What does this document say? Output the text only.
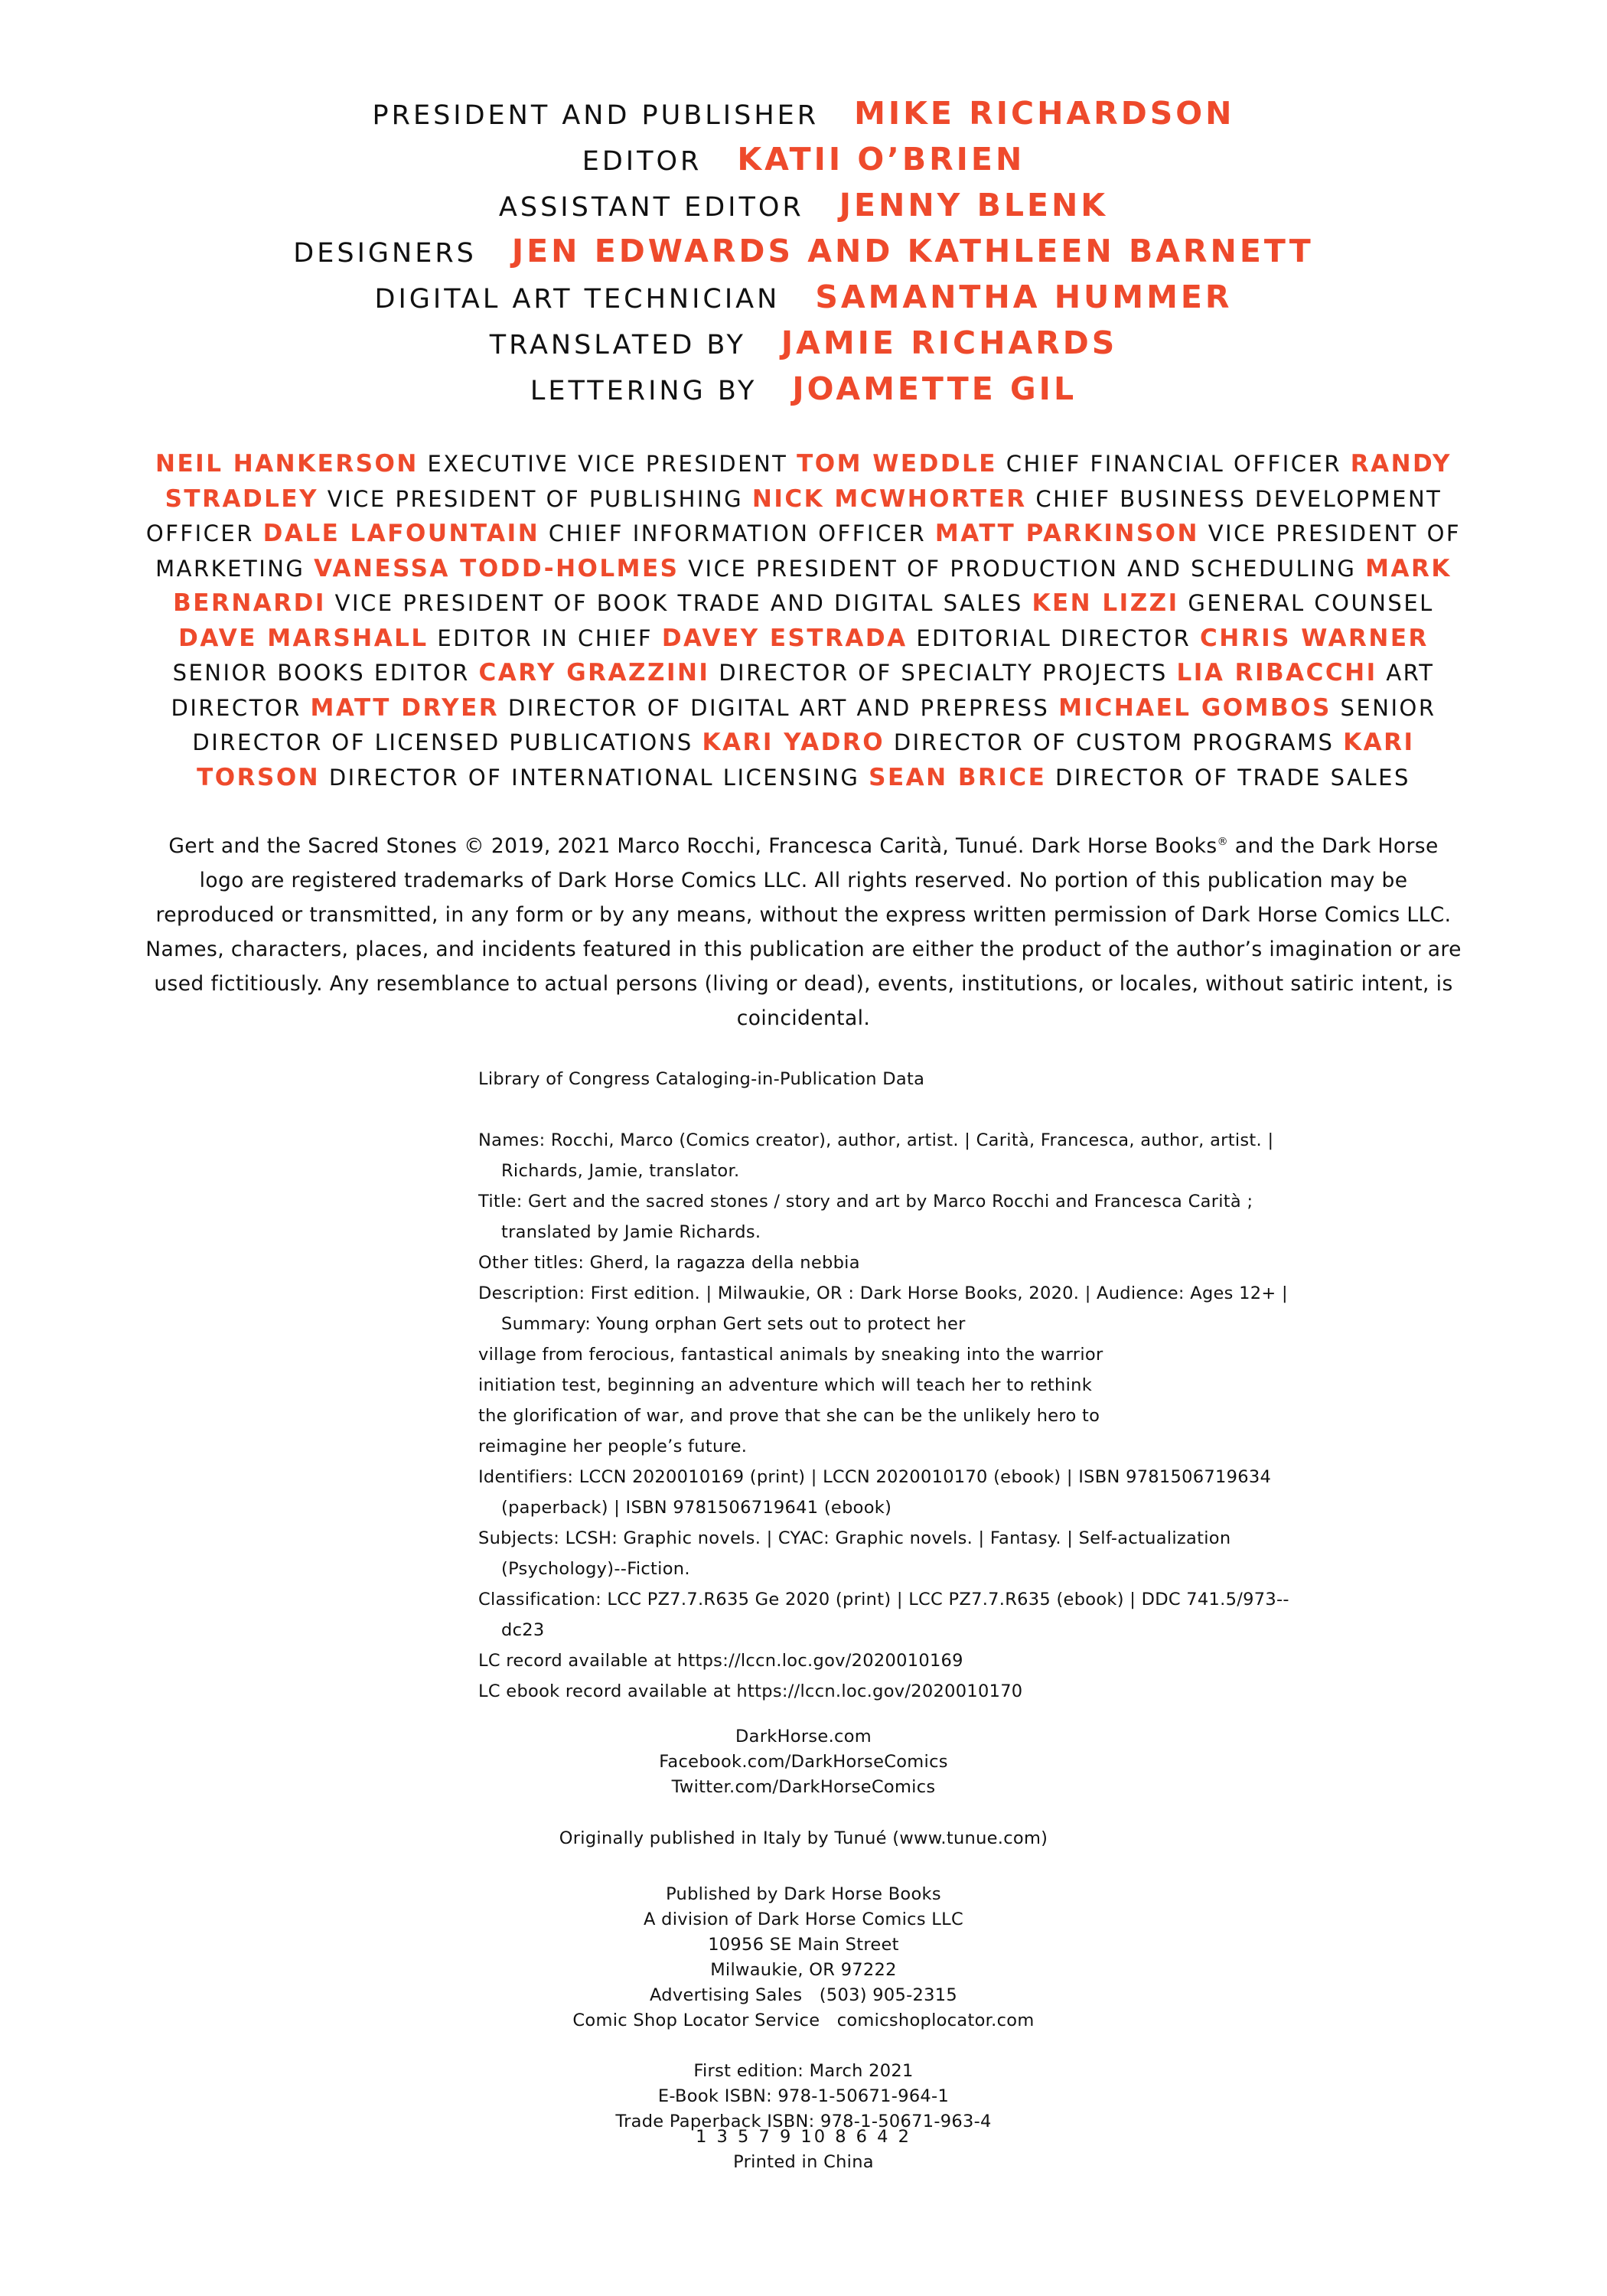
PRESIDENT AND PUBLISHER MIKE RICHARDSON
EDITOR KATII O’BRIEN
ASSISTANT EDITOR JENNY BLENK
DESIGNERS JEN EDWARDS AND KATHLEEN BARNETT
DIGITAL ART TECHNICIAN SAMANTHA HUMMER
TRANSLATED BY JAMIE RICHARDS
LETTERING BY JOAMETTE GIL
NEIL HANKERSON EXECUTIVE VICE PRESIDENT TOM WEDDLE CHIEF FINANCIAL OFFICER RANDY STRADLEY VICE PRESIDENT OF PUBLISHING NICK MCWHORTER CHIEF BUSINESS DEVELOPMENT OFFICER DALE LAFOUNTAIN CHIEF INFORMATION OFFICER MATT PARKINSON VICE PRESIDENT OF MARKETING VANESSA TODD-HOLMES VICE PRESIDENT OF PRODUCTION AND SCHEDULING MARK BERNARDI VICE PRESIDENT OF BOOK TRADE AND DIGITAL SALES KEN LIZZI GENERAL COUNSEL DAVE MARSHALL EDITOR IN CHIEF DAVEY ESTRADA EDITORIAL DIRECTOR CHRIS WARNER SENIOR BOOKS EDITOR CARY GRAZZINI DIRECTOR OF SPECIALTY PROJECTS LIA RIBACCHI ART DIRECTOR MATT DRYER DIRECTOR OF DIGITAL ART AND PREPRESS MICHAEL GOMBOS SENIOR DIRECTOR OF LICENSED PUBLICATIONS KARI YADRO DIRECTOR OF CUSTOM PROGRAMS KARI TORSON DIRECTOR OF INTERNATIONAL LICENSING SEAN BRICE DIRECTOR OF TRADE SALES
Gert and the Sacred Stones © 2019, 2021 Marco Rocchi, Francesca Carità, Tunué. Dark Horse Books® and the Dark Horse logo are registered trademarks of Dark Horse Comics LLC. All rights reserved. No portion of this publication may be reproduced or transmitted, in any form or by any means, without the express written permission of Dark Horse Comics LLC. Names, characters, places, and incidents featured in this publication are either the product of the author’s imagination or are used fictitiously. Any resemblance to actual persons (living or dead), events, institutions, or locales, without satiric intent, is coincidental.
Library of Congress Cataloging-in-Publication Data
Names: Rocchi, Marco (Comics creator), author, artist. | Carità, Francesca, author, artist. | Richards, Jamie, translator.
Title: Gert and the sacred stones / story and art by Marco Rocchi and Francesca Carità ; translated by Jamie Richards.
Other titles: Gherd, la ragazza della nebbia
Description: First edition. | Milwaukie, OR : Dark Horse Books, 2020. | Audience: Ages 12+ | Summary: Young orphan Gert sets out to protect her
village from ferocious, fantastical animals by sneaking into the warrior
initiation test, beginning an adventure which will teach her to rethink
the glorification of war, and prove that she can be the unlikely hero to
reimagine her people’s future.
Identifiers: LCCN 2020010169 (print) | LCCN 2020010170 (ebook) | ISBN 9781506719634 (paperback) | ISBN 9781506719641 (ebook)
Subjects: LCSH: Graphic novels. | CYAC: Graphic novels. | Fantasy. | Self-actualization (Psychology)--Fiction.
Classification: LCC PZ7.7.R635 Ge 2020 (print) | LCC PZ7.7.R635 (ebook) | DDC 741.5/973--dc23
LC record available at https://lccn.loc.gov/2020010169
LC ebook record available at https://lccn.loc.gov/2020010170
DarkHorse.com
Facebook.com/DarkHorseComics
Twitter.com/DarkHorseComics
Originally published in Italy by Tunué (www.tunue.com)
Published by Dark Horse Books
A division of Dark Horse Comics LLC
10956 SE Main Street
Milwaukie, OR 97222
Advertising Sales   (503) 905-2315
Comic Shop Locator Service   comicshoplocator.com
First edition: March 2021
E-Book ISBN: 978-1-50671-964-1
Trade Paperback ISBN: 978-1-50671-963-4
1 3 5 7 9 10 8 6 4 2
Printed in China
